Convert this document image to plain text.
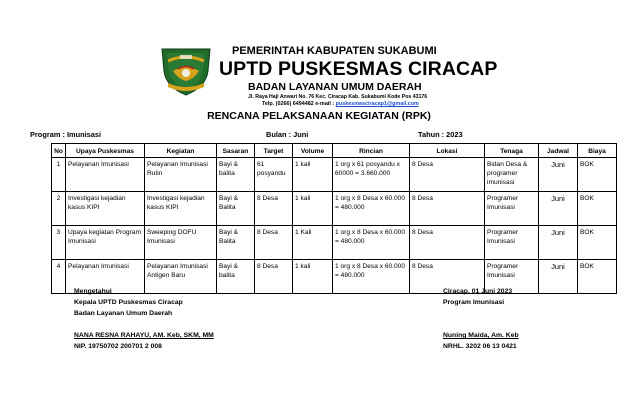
PEMERINTAH KABUPATEN SUKABUMI
UPTD PUSKESMAS CIRACAP
BADAN LAYANAN UMUM DAERAH
Jl. Raya Haji Anwari No. 76 Kec. Ciracap Kab. Sukabumi Kode Pos 43176
Telp. (0266) 6494482 e-mail : puskesmasciracap1@gmail.com
RENCANA PELAKSANAAN KEGIATAN (RPK)
Program : Imunisasi	Bulan : Juni	Tahun : 2023
No	Upaya Puskesmas	Kegiatan	Sasaran	Target	Volume	Rincian	Lokasi	Tenaga	Jadwal	Biaya
1	Pelayanan Imunisasi	Pelayanan Imunisasi Rutin	Bayi & balita	61 posyandu	1 kali	1 org x 61 posyandu x 60000 = 3.660.000	8 Desa	Bidan Desa & programer imunisasi	Juni	BOK
2	Investigasi kejadian kasus KIPI	Investigasi kejadian kasus KIPI	Bayi & Balita	8 Desa	1 kali	1 org x 8 Desa x 60.000 = 480.000	8 Desa	Programer Imunisasi	Juni	BOK
3	Upaya kegiatan Program Imunisasi	Sweeping DOFU Imunisasi	Bayi & Balita	8 Desa	1 Kali	1 org x 8 Desa x 60.000 = 480.000	8 Desa	Programer Imunisasi	Juni	BOK
4	Pelayanan Imunisasi	Pelayanan Imunisasi Antigen Baru	Bayi & balita	8 Desa	1 kali	1 org x 8 Desa x 60.000 = 480.000	8 Desa	Programer Imunisasi	Juni	BOK
Mengetahui
Kepala UPTD Puskesmas Ciracap
Badan Layanan Umum Daerah
Ciracap, 01 Juni 2023
Program Imunisasi
NANA RESNA RAHAYU, AM. Keb, SKM, MM
NIP. 19750702 200701 2 008
Nuning Maida, Am. Keb
NRHL. 3202 06 13 0421
